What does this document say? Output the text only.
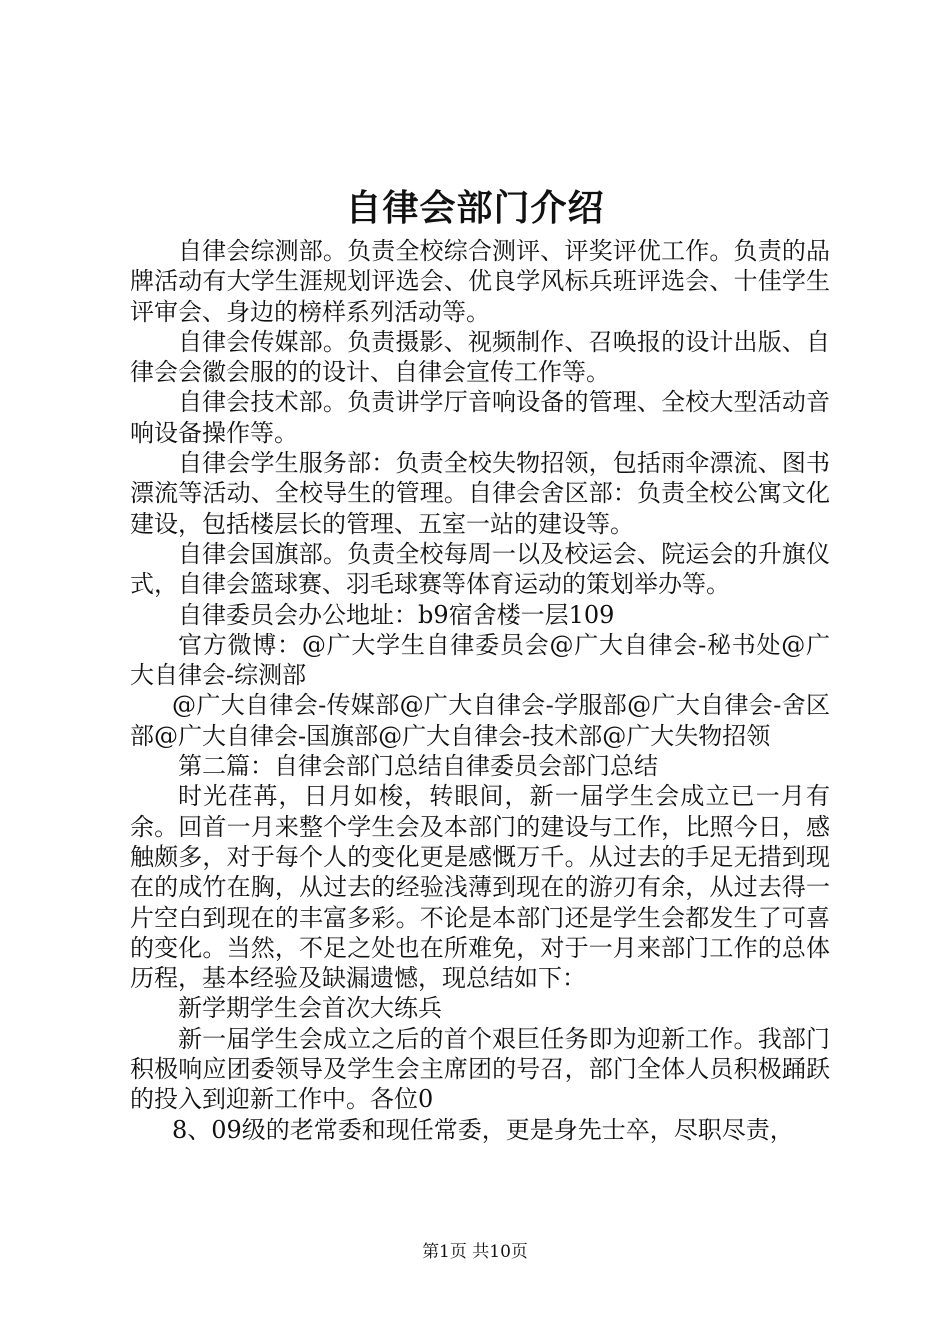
自律会部门介绍

自律会综测部。负责全校综合测评、评奖评优工作。负责的品牌活动有大学生涯规划评选会、优良学风标兵班评选会、十佳学生评审会、身边的榜样系列活动等。

自律会传媒部。负责摄影、视频制作、召唤报的设计出版、自律会会徽会服的的设计、自律会宣传工作等。

自律会技术部。负责讲学厅音响设备的管理、全校大型活动音响设备操作等。

自律会学生服务部：负责全校失物招领，包括雨伞漂流、图书漂流等活动、全校导生的管理。自律会舍区部：负责全校公寓文化建设，包括楼层长的管理、五室一站的建设等。

自律会国旗部。负责全校每周一以及校运会、院运会的升旗仪式，自律会篮球赛、羽毛球赛等体育运动的策划举办等。

自律委员会办公地址：b9宿舍楼一层109

官方微博：@广大学生自律委员会@广大自律会-秘书处@广大自律会-综测部

@广大自律会-传媒部@广大自律会-学服部@广大自律会-舍区部@广大自律会-国旗部@广大自律会-技术部@广大失物招领

第二篇：自律会部门总结自律委员会部门总结

时光荏苒，日月如梭，转眼间，新一届学生会成立已一月有余。回首一月来整个学生会及本部门的建设与工作，比照今日，感触颇多，对于每个人的变化更是感慨万千。从过去的手足无措到现在的成竹在胸，从过去的经验浅薄到现在的游刃有余，从过去得一片空白到现在的丰富多彩。不论是本部门还是学生会都发生了可喜的变化。当然，不足之处也在所难免，对于一月来部门工作的总体历程，基本经验及缺漏遗憾，现总结如下：

新学期学生会首次大练兵

新一届学生会成立之后的首个艰巨任务即为迎新工作。我部门积极响应团委领导及学生会主席团的号召，部门全体人员积极踊跃的投入到迎新工作中。各位0

8、09级的老常委和现任常委，更是身先士卒，尽职尽责，

第1页 共10页
